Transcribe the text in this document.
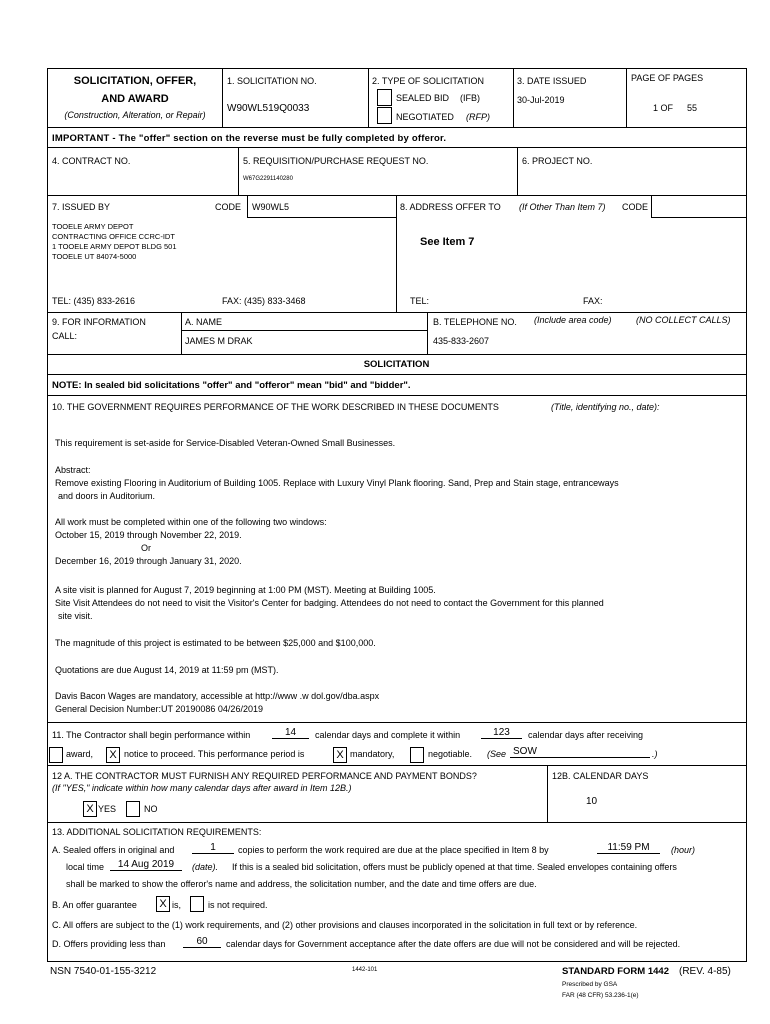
SOLICITATION, OFFER,
AND AWARD
(Construction, Alteration, or Repair)
1. SOLICITATION NO.
W90WL519Q0033
2. TYPE OF SOLICITATION
SEALED BID (IFB)
NEGOTIATED (RFP)
3. DATE ISSUED
30-Jul-2019
PAGE OF PAGES
1 OF 55
IMPORTANT - The "offer" section on the reverse must be fully completed by offeror.
4. CONTRACT NO.	5. REQUISITION/PURCHASE REQUEST NO.
W67G2291140280
6. PROJECT NO.
7. ISSUED BY	CODE W90WL5	8. ADDRESS OFFER TO (If Other Than Item 7) CODE
TOOELE ARMY DEPOT
CONTRACTING OFFICE CCRC-IDT
1 TOOELE ARMY DEPOT BLDG 501
TOOELE UT 84074-5000
See Item 7
TEL: (435) 833-2616	FAX: (435) 833-3468	TEL:	FAX:
9. FOR INFORMATION
CALL:
A. NAME
JAMES M DRAK
B. TELEPHONE NO. (Include area code)	(NO COLLECT CALLS)
435-833-2607
SOLICITATION
NOTE: In sealed bid solicitations "offer" and "offeror" mean "bid" and "bidder".
10. THE GOVERNMENT REQUIRES PERFORMANCE OF THE WORK DESCRIBED IN THESE DOCUMENTS	(Title, identifying no., date):
This requirement is set-aside for Service-Disabled Veteran-Owned Small Businesses.
Abstract:
Remove existing Flooring in Auditorium of Building 1005. Replace with Luxury Vinyl Plank flooring. Sand, Prep and Stain stage, entranceways
and doors in Auditorium.
All work must be completed within one of the following two windows:
October 15, 2019 through November 22, 2019.
Or
December 16, 2019 through January 31, 2020.
A site visit is planned for August 7, 2019 beginning at 1:00 PM (MST). Meeting at Building 1005.
Site Visit Attendees do not need to visit the Visitor's Center for badging. Attendees do not need to contact the Government for this planned
site visit.
The magnitude of this project is estimated to be between $25,000 and $100,000.
Quotations are due August 14, 2019 at 11:59 pm (MST).
Davis Bacon Wages are mandatory, accessible at http://www .w dol.gov/dba.aspx
General Decision Number:UT 20190086 04/26/2019
11. The Contractor shall begin performance within	14	calendar days and complete it within	123	calendar days after receiving
award,	X notice to proceed. This performance period is	X mandatory,	negotiable. (See SOW	.)
12 A. THE CONTRACTOR MUST FURNISH ANY REQUIRED PERFORMANCE AND PAYMENT BONDS?
(If "YES," indicate within how many calendar days after award in Item 12B.)
X YES	NO
12B. CALENDAR DAYS
10
13. ADDITIONAL SOLICITATION REQUIREMENTS:
A. Sealed offers in original and	1	copies to perform the work required are due at the place specified in Item 8 by	11:59 PM	(hour)
local time	14 Aug 2019	(date). If this is a sealed bid solicitation, offers must be publicly opened at that time. Sealed envelopes containing offers
shall be marked to show the offeror's name and address, the solicitation number, and the date and time offers are due.
B. An offer guarantee	X is,	is not required.
C. All offers are subject to the (1) work requirements, and (2) other provisions and clauses incorporated in the solicitation in full text or by reference.
D. Offers providing less than	60	calendar days for Government acceptance after the date offers are due will not be considered and will be rejected.
NSN 7540-01-155-3212	1442-101	STANDARD FORM 1442 (REV. 4-85)
Prescribed by GSA
FAR (48 CFR) 53.236-1(e)
